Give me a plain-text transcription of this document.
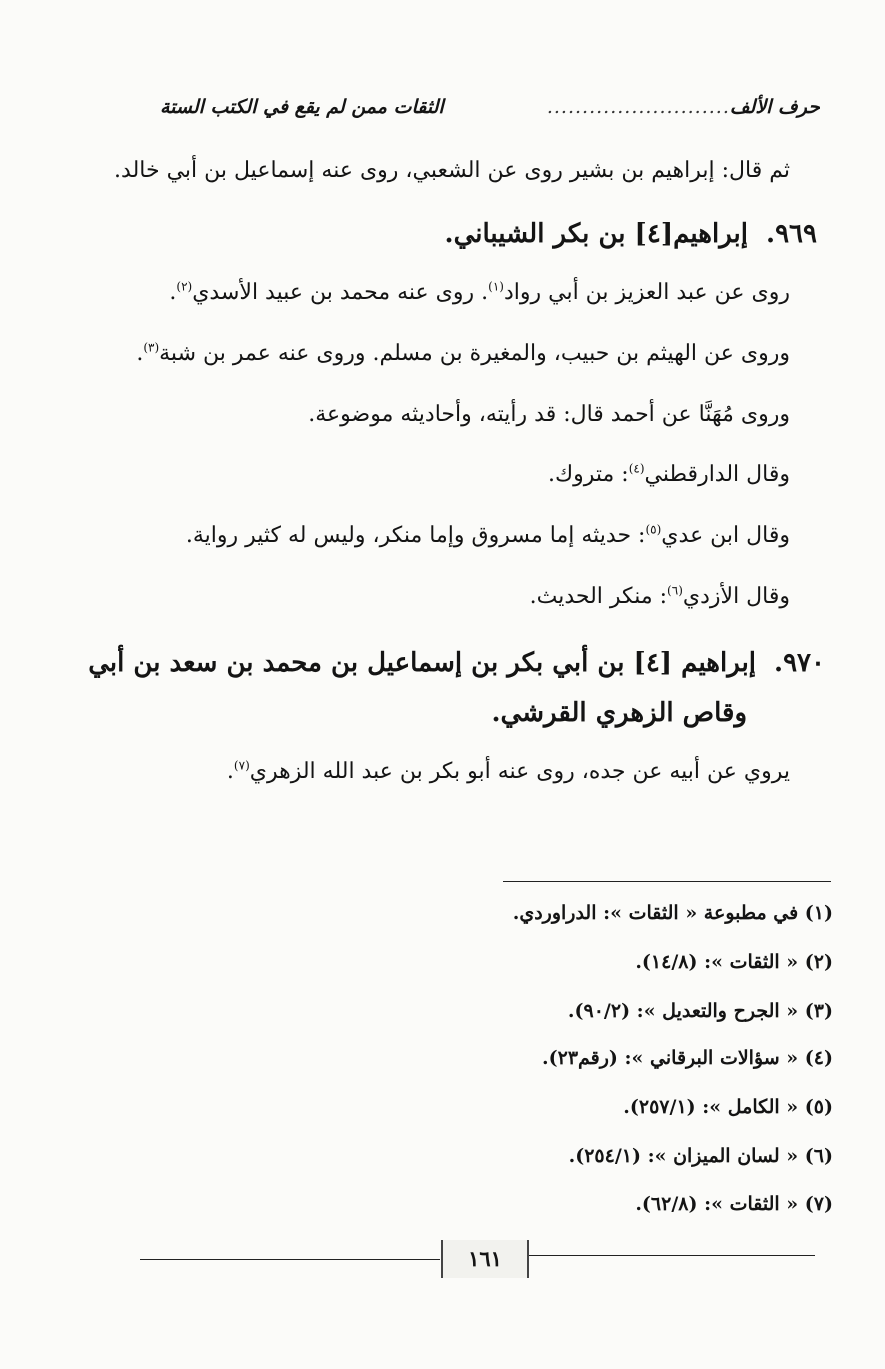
حرف الألف
..........................
الثقات ممن لم يقع في الكتب الستة
ثم قال: إبراهيم بن بشير روى عن الشعبي، روى عنه إسماعيل بن أبي خالد.
٩٦٩.إبراهيم[٤] بن بكر الشيباني.
روى عن عبد العزيز بن أبي رواد$^{(١)}$. روى عنه محمد بن عبيد الأسدي$^{(٢)}$.
وروى عن الهيثم بن حبيب، والمغيرة بن مسلم. وروى عنه عمر بن شبة$^{(٣)}$.
وروى مُهَنَّا عن أحمد قال: قد رأيته، وأحاديثه موضوعة.
وقال الدارقطني$^{(٤)}$: متروك.
وقال ابن عدي$^{(٥)}$: حديثه إما مسروق وإما منكر، وليس له كثير رواية.
وقال الأزدي$^{(٦)}$: منكر الحديث.
٩٧٠.إبراهيم [٤] بن أبي بكر بن إسماعيل بن محمد بن سعد بن أبي
وقاص الزهري القرشي.
يروي عن أبيه عن جده، روى عنه أبو بكر بن عبد الله الزهري$^{(٧)}$.
(١) في مطبوعة « الثقات »: الدراوردي.
(٢) « الثقات »: (١٤/٨).
(٣) « الجرح والتعديل »: (٩٠/٢).
(٤) « سؤالات البرقاني »: (رقم٢٣).
(٥) « الكامل »: (٢٥٧/١).
(٦) « لسان الميزان »: (٢٥٤/١).
(٧) « الثقات »: (٦٢/٨).
١٦١
